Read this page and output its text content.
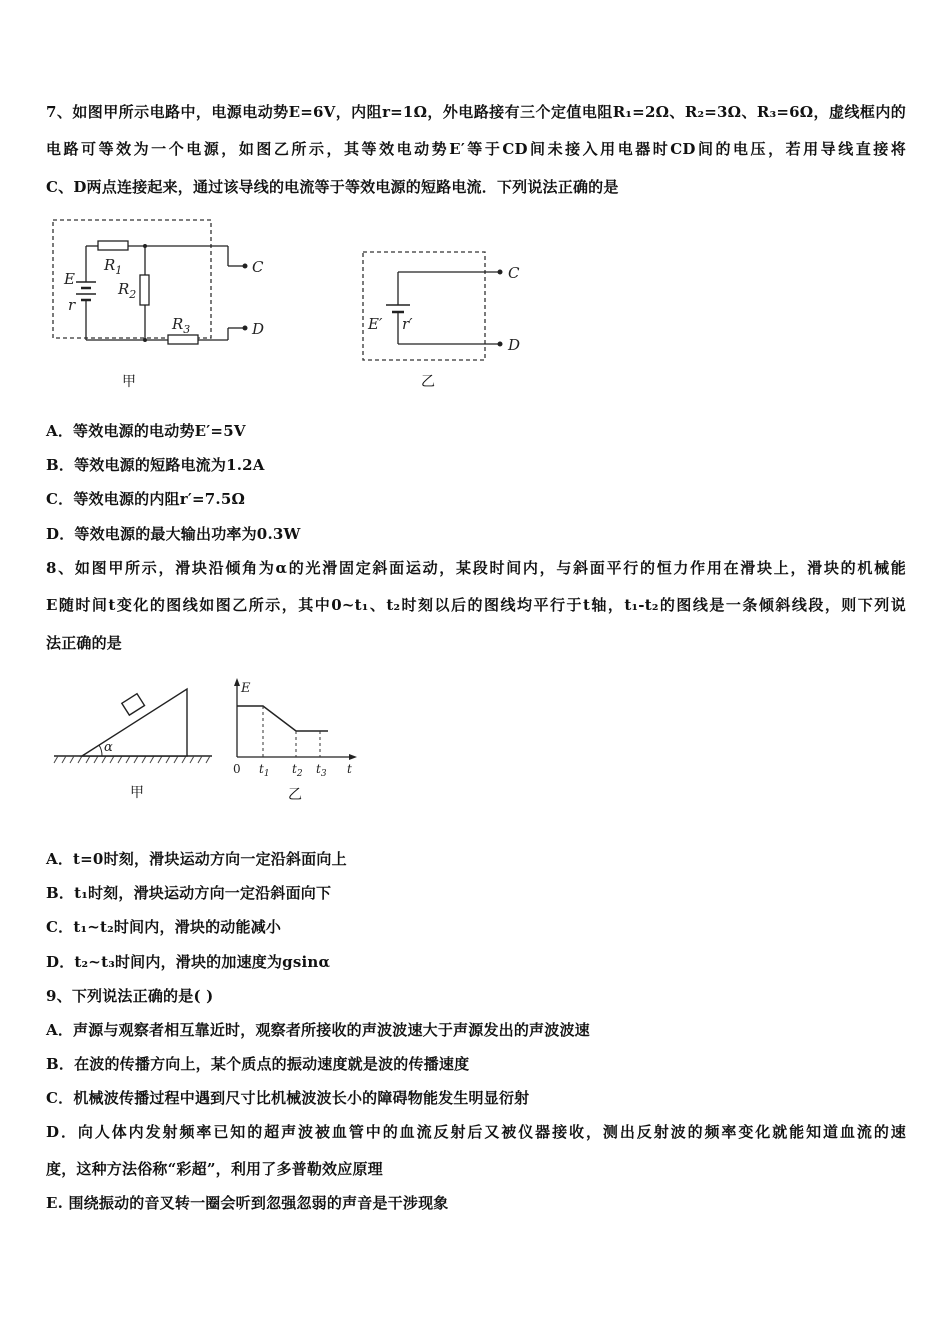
7、如图甲所示电路中，电源电动势E=6V，内阻r=1Ω，外电路接有三个定值电阻R₁=2Ω、R₂=3Ω、R₃=6Ω，虚线框内的
电路可等效为一个电源，如图乙所示，其等效电动势E′等于CD间未接入用电器时CD间的电压，若用导线直接将
C、D两点连接起来，通过该导线的电流等于等效电源的短路电流．下列说法正确的是
E
r
$R_1$
$R_2$
$R_3$
C
D
甲
E′ r′
C
D
乙
A．等效电源的电动势E′=5V
B．等效电源的短路电流为1.2A
C．等效电源的内阻r′=7.5Ω
D．等效电源的最大输出功率为0.3W
8、如图甲所示，滑块沿倾角为α的光滑固定斜面运动，某段时间内，与斜面平行的恒力作用在滑块上，滑块的机械能
E随时间t变化的图线如图乙所示，其中0~t₁、t₂时刻以后的图线均平行于t轴，t₁-t₂的图线是一条倾斜线段，则下列说
法正确的是
α
甲
E
0 $t_1$ $t_2$ $t_3$ t
乙
A．t=0时刻，滑块运动方向一定沿斜面向上
B．t₁时刻，滑块运动方向一定沿斜面向下
C．t₁~t₂时间内，滑块的动能减小
D．t₂~t₃时间内，滑块的加速度为gsinα
9、下列说法正确的是( )
A．声源与观察者相互靠近时，观察者所接收的声波波速大于声源发出的声波波速
B．在波的传播方向上，某个质点的振动速度就是波的传播速度
C．机械波传播过程中遇到尺寸比机械波波长小的障碍物能发生明显衍射
D．向人体内发射频率已知的超声波被血管中的血流反射后又被仪器接收，测出反射波的频率变化就能知道血流的速
度，这种方法俗称“彩超”，利用了多普勒效应原理
E. 围绕振动的音叉转一圈会听到忽强忽弱的声音是干涉现象
